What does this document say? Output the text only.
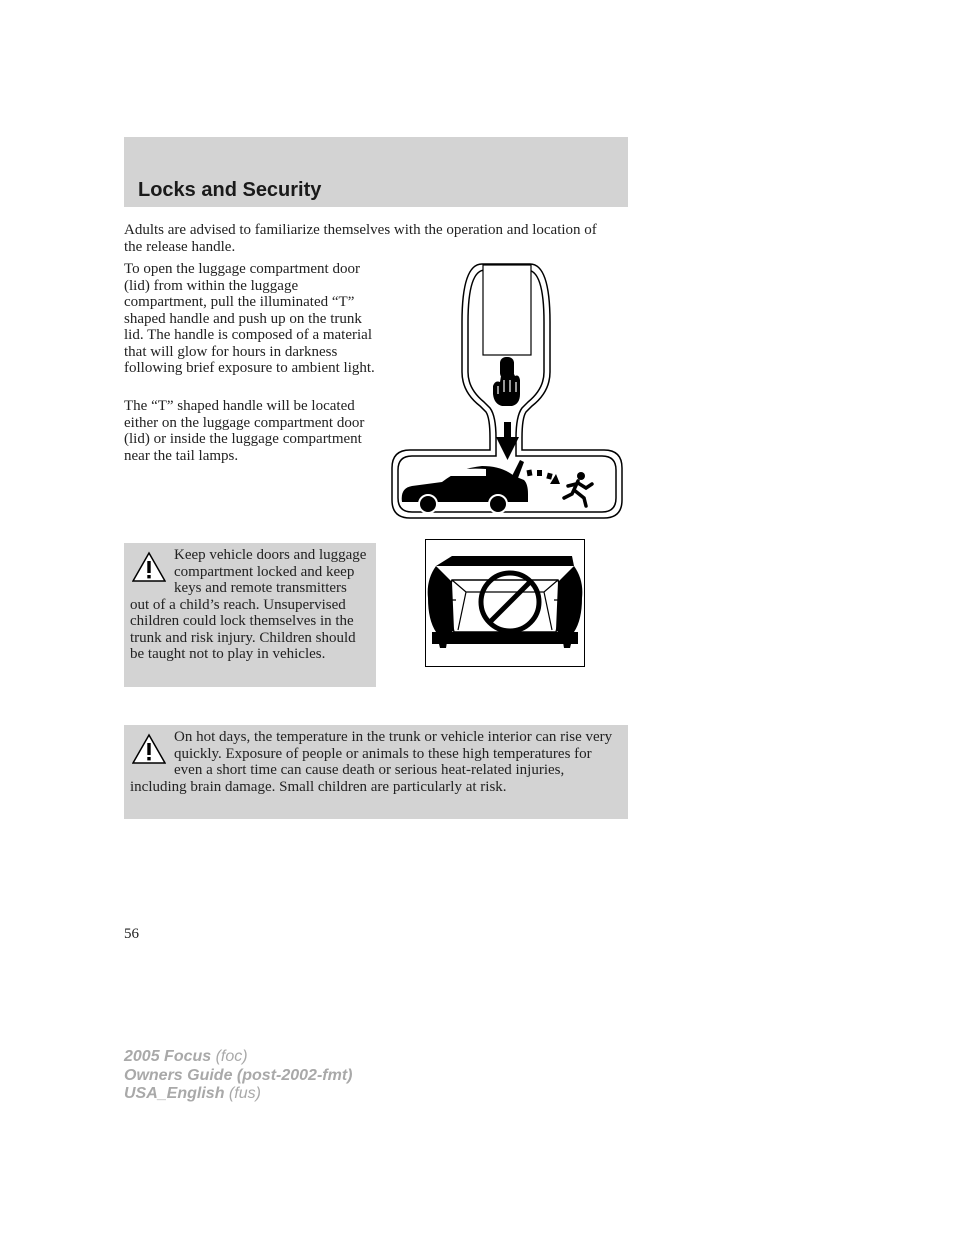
Locks and Security

Adults are advised to familiarize themselves with the operation and location of the release handle.

To open the luggage compartment door (lid) from within the luggage compartment, pull the illuminated “T” shaped handle and push up on the trunk lid. The handle is composed of a material that will glow for hours in darkness following brief exposure to ambient light.

The “T” shaped handle will be located either on the luggage compartment door (lid) or inside the luggage compartment near the tail lamps.

Keep vehicle doors and luggage compartment locked and keep keys and remote transmitters out of a child’s reach. Unsupervised children could lock themselves in the trunk and risk injury. Children should be taught not to play in vehicles.

On hot days, the temperature in the trunk or vehicle interior can rise very quickly. Exposure of people or animals to these high temperatures for even a short time can cause death or serious heat-related injuries, including brain damage. Small children are particularly at risk.

56
2005 Focus (foc)
Owners Guide (post-2002-fmt)
USA_English (fus)
